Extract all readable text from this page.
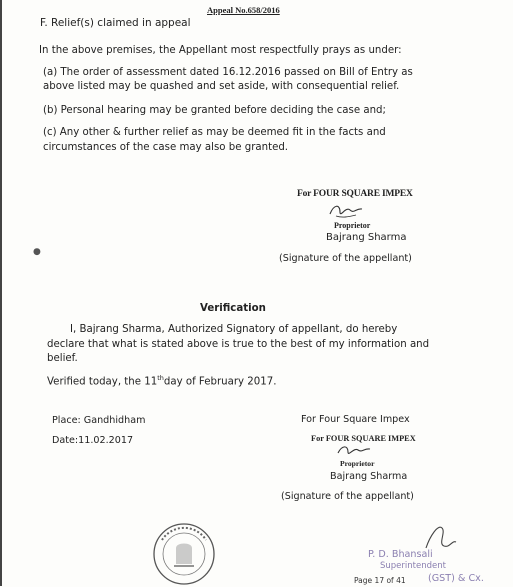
Appeal No.658/2016
F. Relief(s) claimed in appeal
In the above premises, the Appellant most respectfully prays as under:
(a) The order of assessment dated 16.12.2016 passed on Bill of Entry as
above listed may be quashed and set aside, with consequential relief.
(b) Personal hearing may be granted before deciding the case and;
(c) Any other & further relief as may be deemed fit in the facts and
circumstances of the case may also be granted.
For FOUR SQUARE IMPEX
Proprietor
Bajrang Sharma
(Signature of the appellant)
●
Verification
I, Bajrang Sharma, Authorized Signatory of appellant, do hereby
declare that what is stated above is true to the best of my information and
belief.
Verified today, the 11thday of February 2017.
Place: Gandhidham
Date:11.02.2017
For Four Square Impex
For FOUR SQUARE IMPEX
Proprietor
Bajrang Sharma
(Signature of the appellant)
P. D. Bhansali
Superintendent
(GST) & Cx.
Page 17 of 41
